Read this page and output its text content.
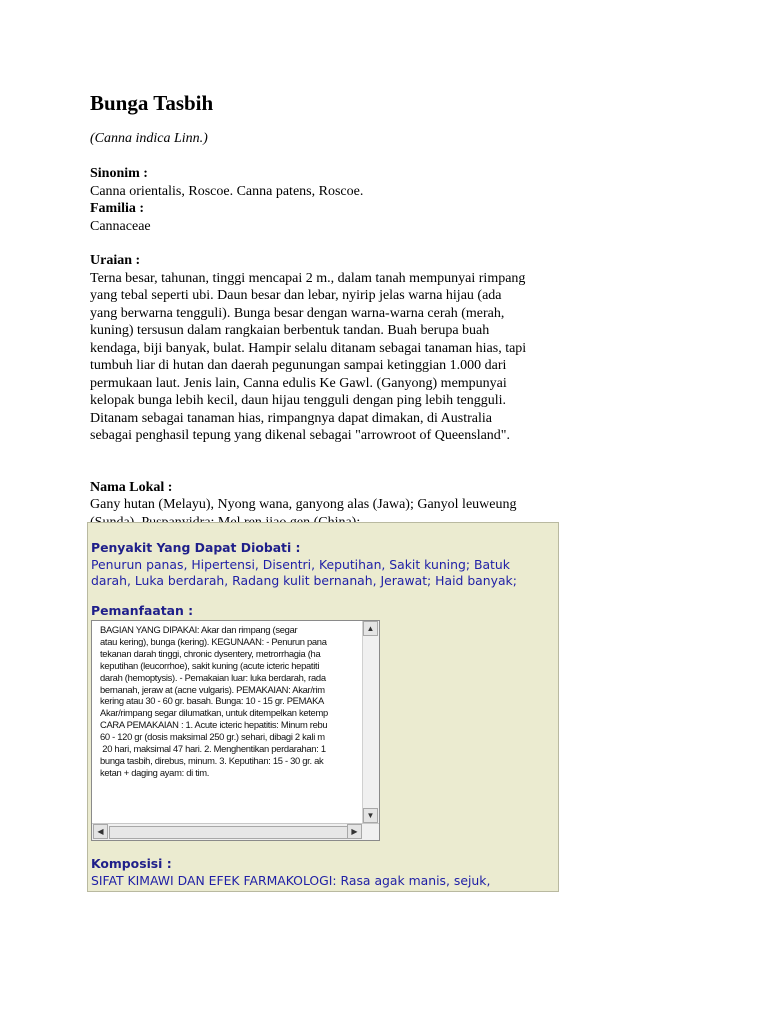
Bunga Tasbih
(Canna indica Linn.)
Sinonim :
Canna orientalis, Roscoe. Canna patens, Roscoe.
Familia :
Cannaceae
Uraian :
Terna besar, tahunan, tinggi mencapai 2 m., dalam tanah mempunyai rimpang
yang tebal seperti ubi. Daun besar dan lebar, nyirip jelas warna hijau (ada
yang berwarna tengguli). Bunga besar dengan warna-warna cerah (merah,
kuning) tersusun dalam rangkaian berbentuk tandan. Buah berupa buah
kendaga, biji banyak, bulat. Hampir selalu ditanam sebagai tanaman hias, tapi
tumbuh liar di hutan dan daerah pegunungan sampai ketinggian 1.000 dari
permukaan laut. Jenis lain, Canna edulis Ke Gawl. (Ganyong) mempunyai
kelopak bunga lebih kecil, daun hijau tengguli dengan ping lebih tengguli.
Ditanam sebagai tanaman hias, rimpangnya dapat dimakan, di Australia
sebagai penghasil tepung yang dikenal sebagai "arrowroot of Queensland".
Nama Lokal :
Gany hutan (Melayu), Nyong wana, ganyong alas (Jawa); Ganyol leuweung
Penyakit Yang Dapat Diobati :
Penurun panas, Hipertensi, Disentri, Keputihan, Sakit kuning; Batuk
darah, Luka berdarah, Radang kulit bernanah, Jerawat; Haid banyak;
Pemanfaatan :
BAGIAN YANG DIPAKAI: Akar dan rimpang (segar
atau kering), bunga (kering). KEGUNAAN: - Penurun pana
tekanan darah tinggi, chronic dysentery, metrorrhagia (ha
keputihan (leucorrhoe), sakit kuning (acute icteric hepatiti
darah (hemoptysis). - Pemakaian luar: luka berdarah, rada
bernanah, jeraw at (acne vulgaris). PEMAKAIAN: Akar/rim
kering atau 30 - 60 gr. basah. Bunga: 10 - 15 gr. PEMAKA
Akar/rimpang segar dilumatkan, untuk ditempelkan ketemp
CARA PEMAKAIAN : 1. Acute icteric hepatitis: Minum rebu
60 - 120 gr (dosis maksimal 250 gr.) sehari, dibagi 2 kali m
20 hari, maksimal 47 hari. 2. Menghentikan perdarahan: 1
bunga tasbih, direbus, minum. 3. Keputihan: 15 - 30 gr. ak
ketan + daging ayam: di tim.
▲
▼
◀	▶
Komposisi :
SIFAT KIMAWI DAN EFEK FARMAKOLOGI: Rasa agak manis, sejuk,
